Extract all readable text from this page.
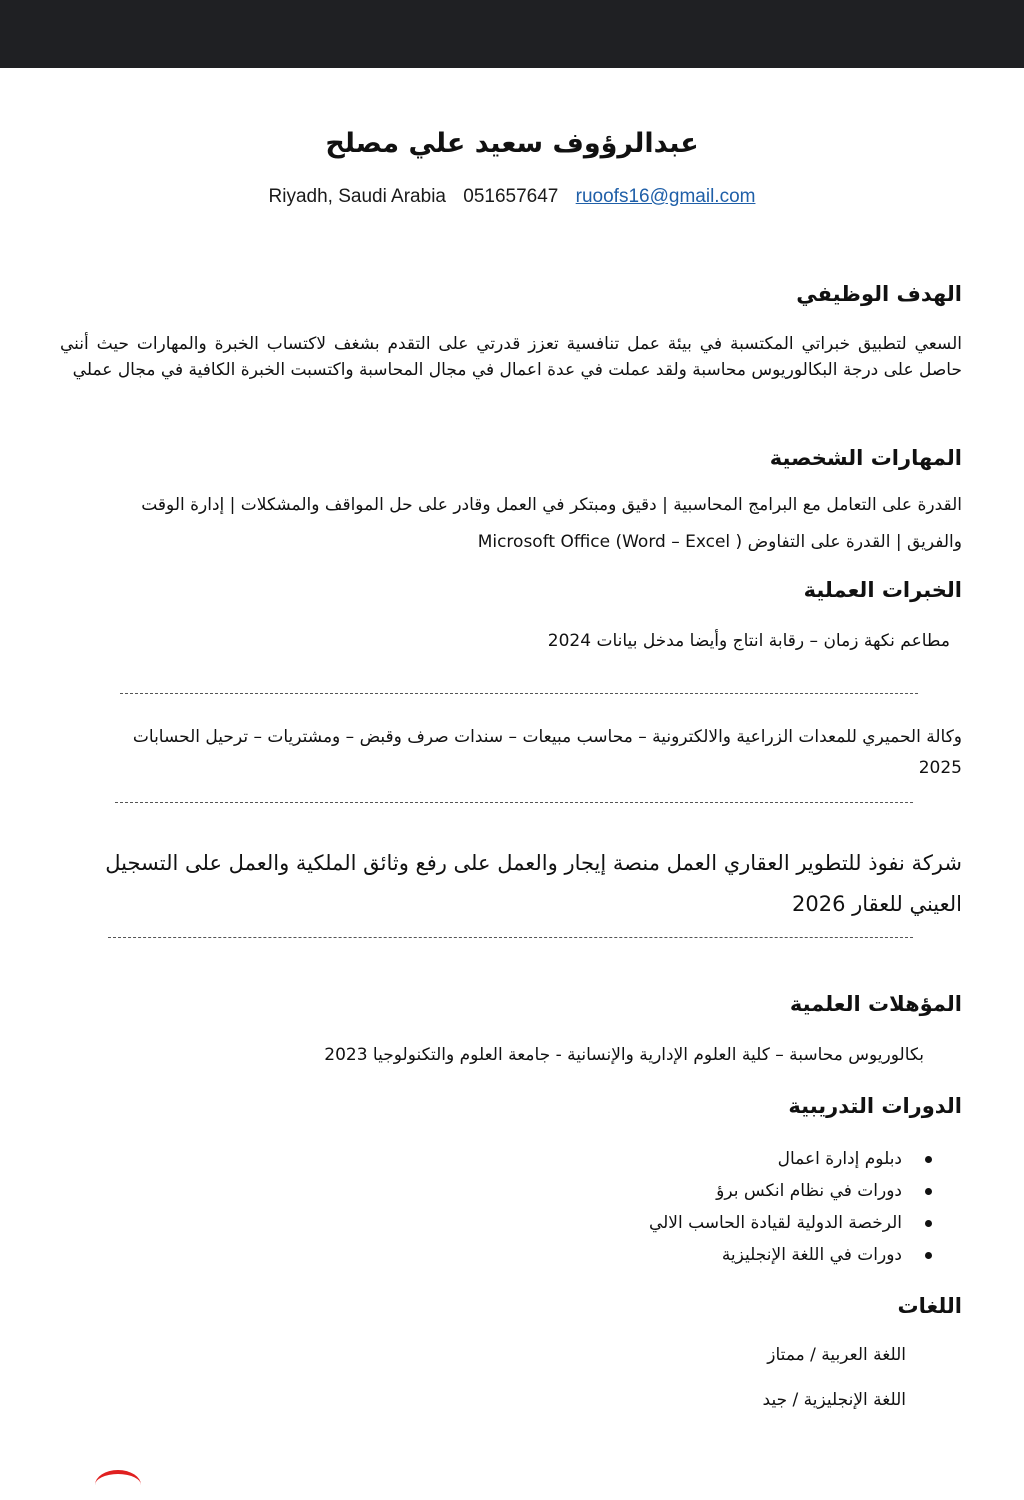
عبدالرؤوف سعيد علي مصلح
Riyadh, Saudi Arabia 051657647 ruoofs16@gmail.com
الهدف الوظيفي
السعي لتطبيق خبراتي المكتسبة في بيئة عمل تنافسية تعزز قدرتي على التقدم بشغف لاكتساب الخبرة والمهارات حيث أنني حاصل على درجة البكالوريوس محاسبة ولقد عملت في عدة اعمال في مجال المحاسبة واكتسبت الخبرة الكافية في مجال عملي
المهارات الشخصية
القدرة على التعامل مع البرامج المحاسبية | دقيق ومبتكر في العمل وقادر على حل المواقف والمشكلات | إدارة الوقت
والفريق | القدرة على التفاوض Microsoft Office (Word – Excel )
الخبرات العملية
مطاعم نكهة زمان – رقابة انتاج وأيضا مدخل بيانات 2024
وكالة الحميري للمعدات الزراعية والالكترونية – محاسب مبيعات – سندات صرف وقبض – ومشتريات – ترحيل الحسابات 2025
شركة نفوذ للتطوير العقاري العمل منصة إيجار والعمل على رفع وثائق الملكية والعمل على التسجيل العيني للعقار 2026
المؤهلات العلمية
بكالوريوس محاسبة – كلية العلوم الإدارية والإنسانية - جامعة العلوم والتكنولوجيا 2023
الدورات التدريبية
دبلوم إدارة اعمال
دورات في نظام انكس برؤ
الرخصة الدولية لقيادة الحاسب الالي
دورات في اللغة الإنجليزية
اللغات
اللغة العربية / ممتاز
اللغة الإنجليزية / جيد
